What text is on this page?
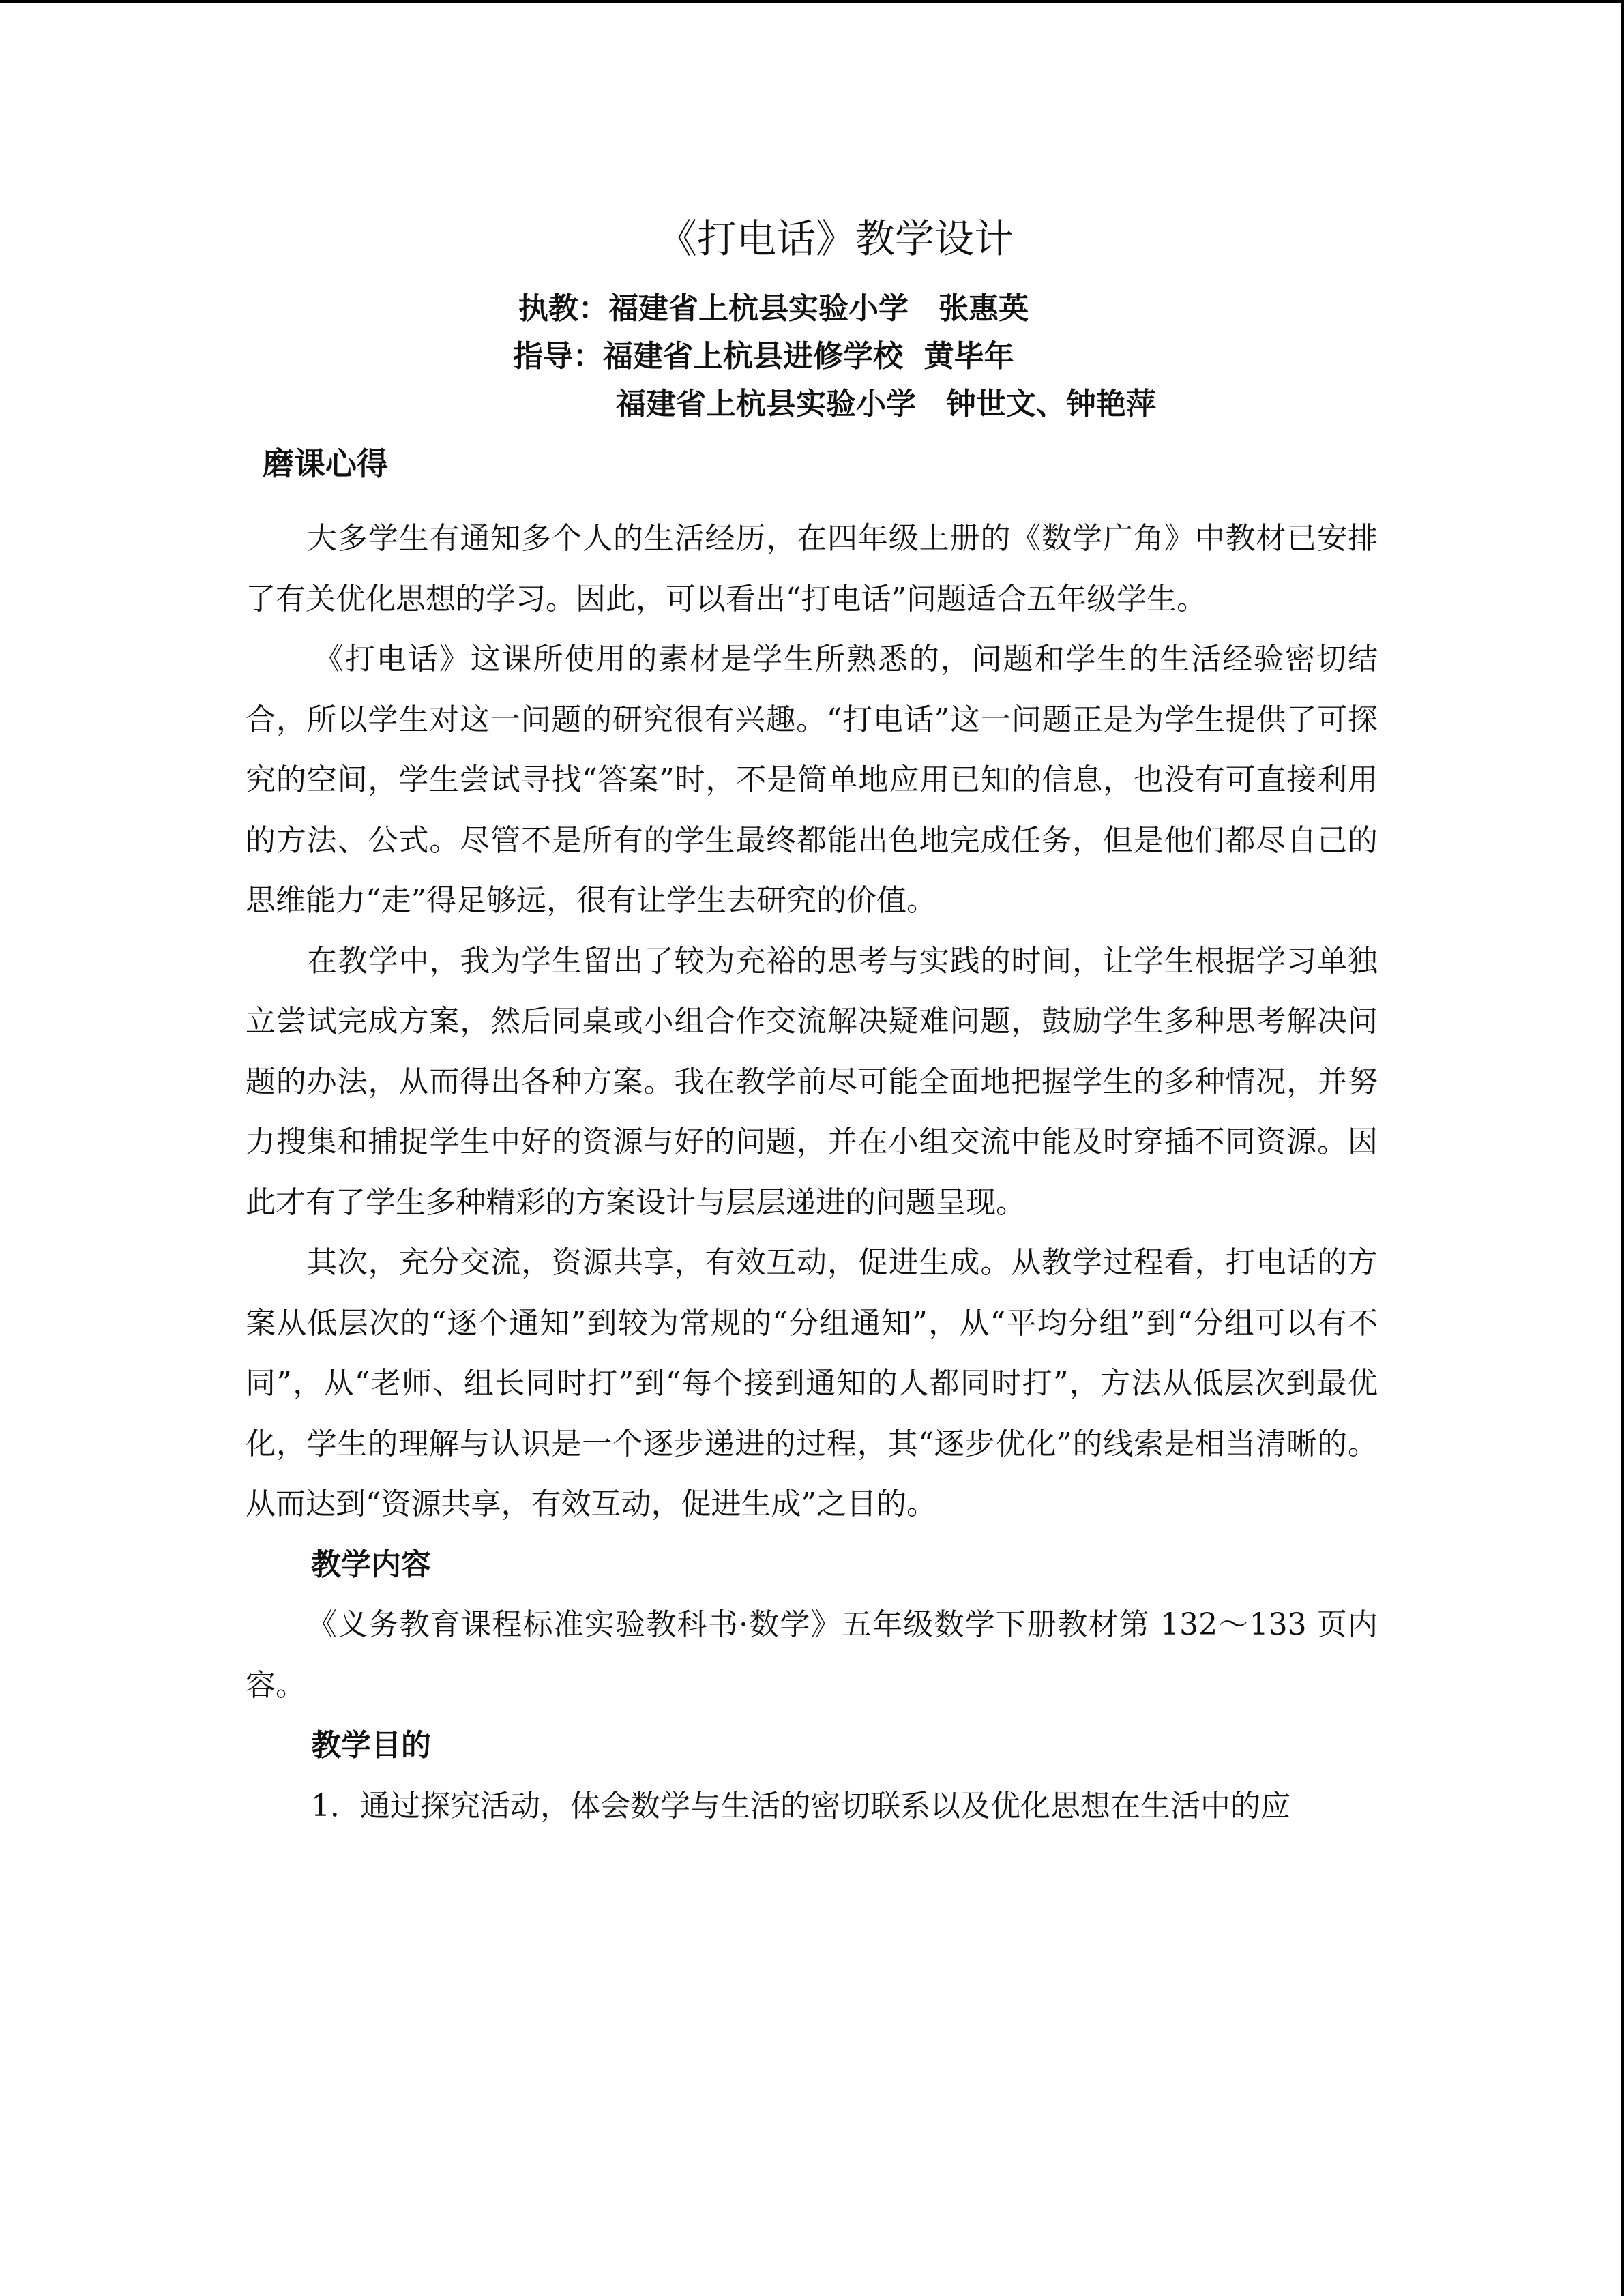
《打电话》教学设计
执教：福建省上杭县实验小学　张惠英
指导：福建省上杭县进修学校  黄毕年
福建省上杭县实验小学　钟世文、钟艳萍
磨课心得

大多学生有通知多个人的生活经历，在四年级上册的《数学广角》中教材已安排了有关优化思想的学习。因此，可以看出“打电话”问题适合五年级学生。

《打电话》这课所使用的素材是学生所熟悉的，问题和学生的生活经验密切结合，所以学生对这一问题的研究很有兴趣。“打电话”这一问题正是为学生提供了可探究的空间，学生尝试寻找“答案”时，不是简单地应用已知的信息，也没有可直接利用的方法、公式。尽管不是所有的学生最终都能出色地完成任务，但是他们都尽自己的思维能力“走”得足够远，很有让学生去研究的价值。

在教学中，我为学生留出了较为充裕的思考与实践的时间，让学生根据学习单独立尝试完成方案，然后同桌或小组合作交流解决疑难问题，鼓励学生多种思考解决问题的办法，从而得出各种方案。我在教学前尽可能全面地把握学生的多种情况，并努力搜集和捕捉学生中好的资源与好的问题，并在小组交流中能及时穿插不同资源。因此才有了学生多种精彩的方案设计与层层递进的问题呈现。

其次，充分交流，资源共享，有效互动，促进生成。从教学过程看，打电话的方案从低层次的“逐个通知”到较为常规的“分组通知”，从“平均分组”到“分组可以有不同”，从“老师、组长同时打”到“每个接到通知的人都同时打”，方法从低层次到最优化，学生的理解与认识是一个逐步递进的过程，其“逐步优化”的线索是相当清晰的。从而达到“资源共享，有效互动，促进生成”之目的。

教学内容

《义务教育课程标准实验教科书·数学》五年级数学下册教材第 132～133 页内容。

教学目的

1．通过探究活动，体会数学与生活的密切联系以及优化思想在生活中的应
